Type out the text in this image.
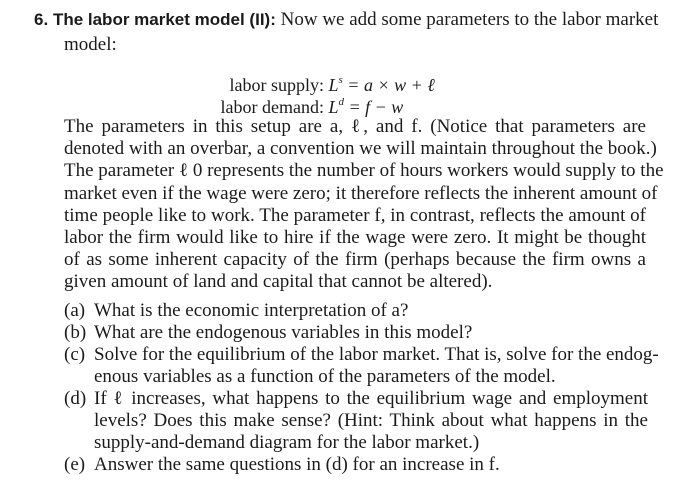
6. The labor market model (II): Now we add some parameters to the labor market
model:
labor supply: $L^s = a \times w$ + ℓ
labor demand: $L^d = f - w$
The parameters in this setup are a, ℓ, and f. (Notice that parameters are
denoted with an overbar, a convention we will maintain throughout the book.)
The parameter ℓ 0 represents the number of hours workers would supply to the
market even if the wage were zero; it therefore reflects the inherent amount of
time people like to work. The parameter f, in contrast, reflects the amount of
labor the firm would like to hire if the wage were zero. It might be thought
of as some inherent capacity of the firm (perhaps because the firm owns a
given amount of land and capital that cannot be altered).
(a) What is the economic interpretation of a?
(b) What are the endogenous variables in this model?
(c) Solve for the equilibrium of the labor market. That is, solve for the endog-
enous variables as a function of the parameters of the model.
(d) If ℓ increases, what happens to the equilibrium wage and employment
levels? Does this make sense? (Hint: Think about what happens in the
supply-and-demand diagram for the labor market.)
(e) Answer the same questions in (d) for an increase in f.
